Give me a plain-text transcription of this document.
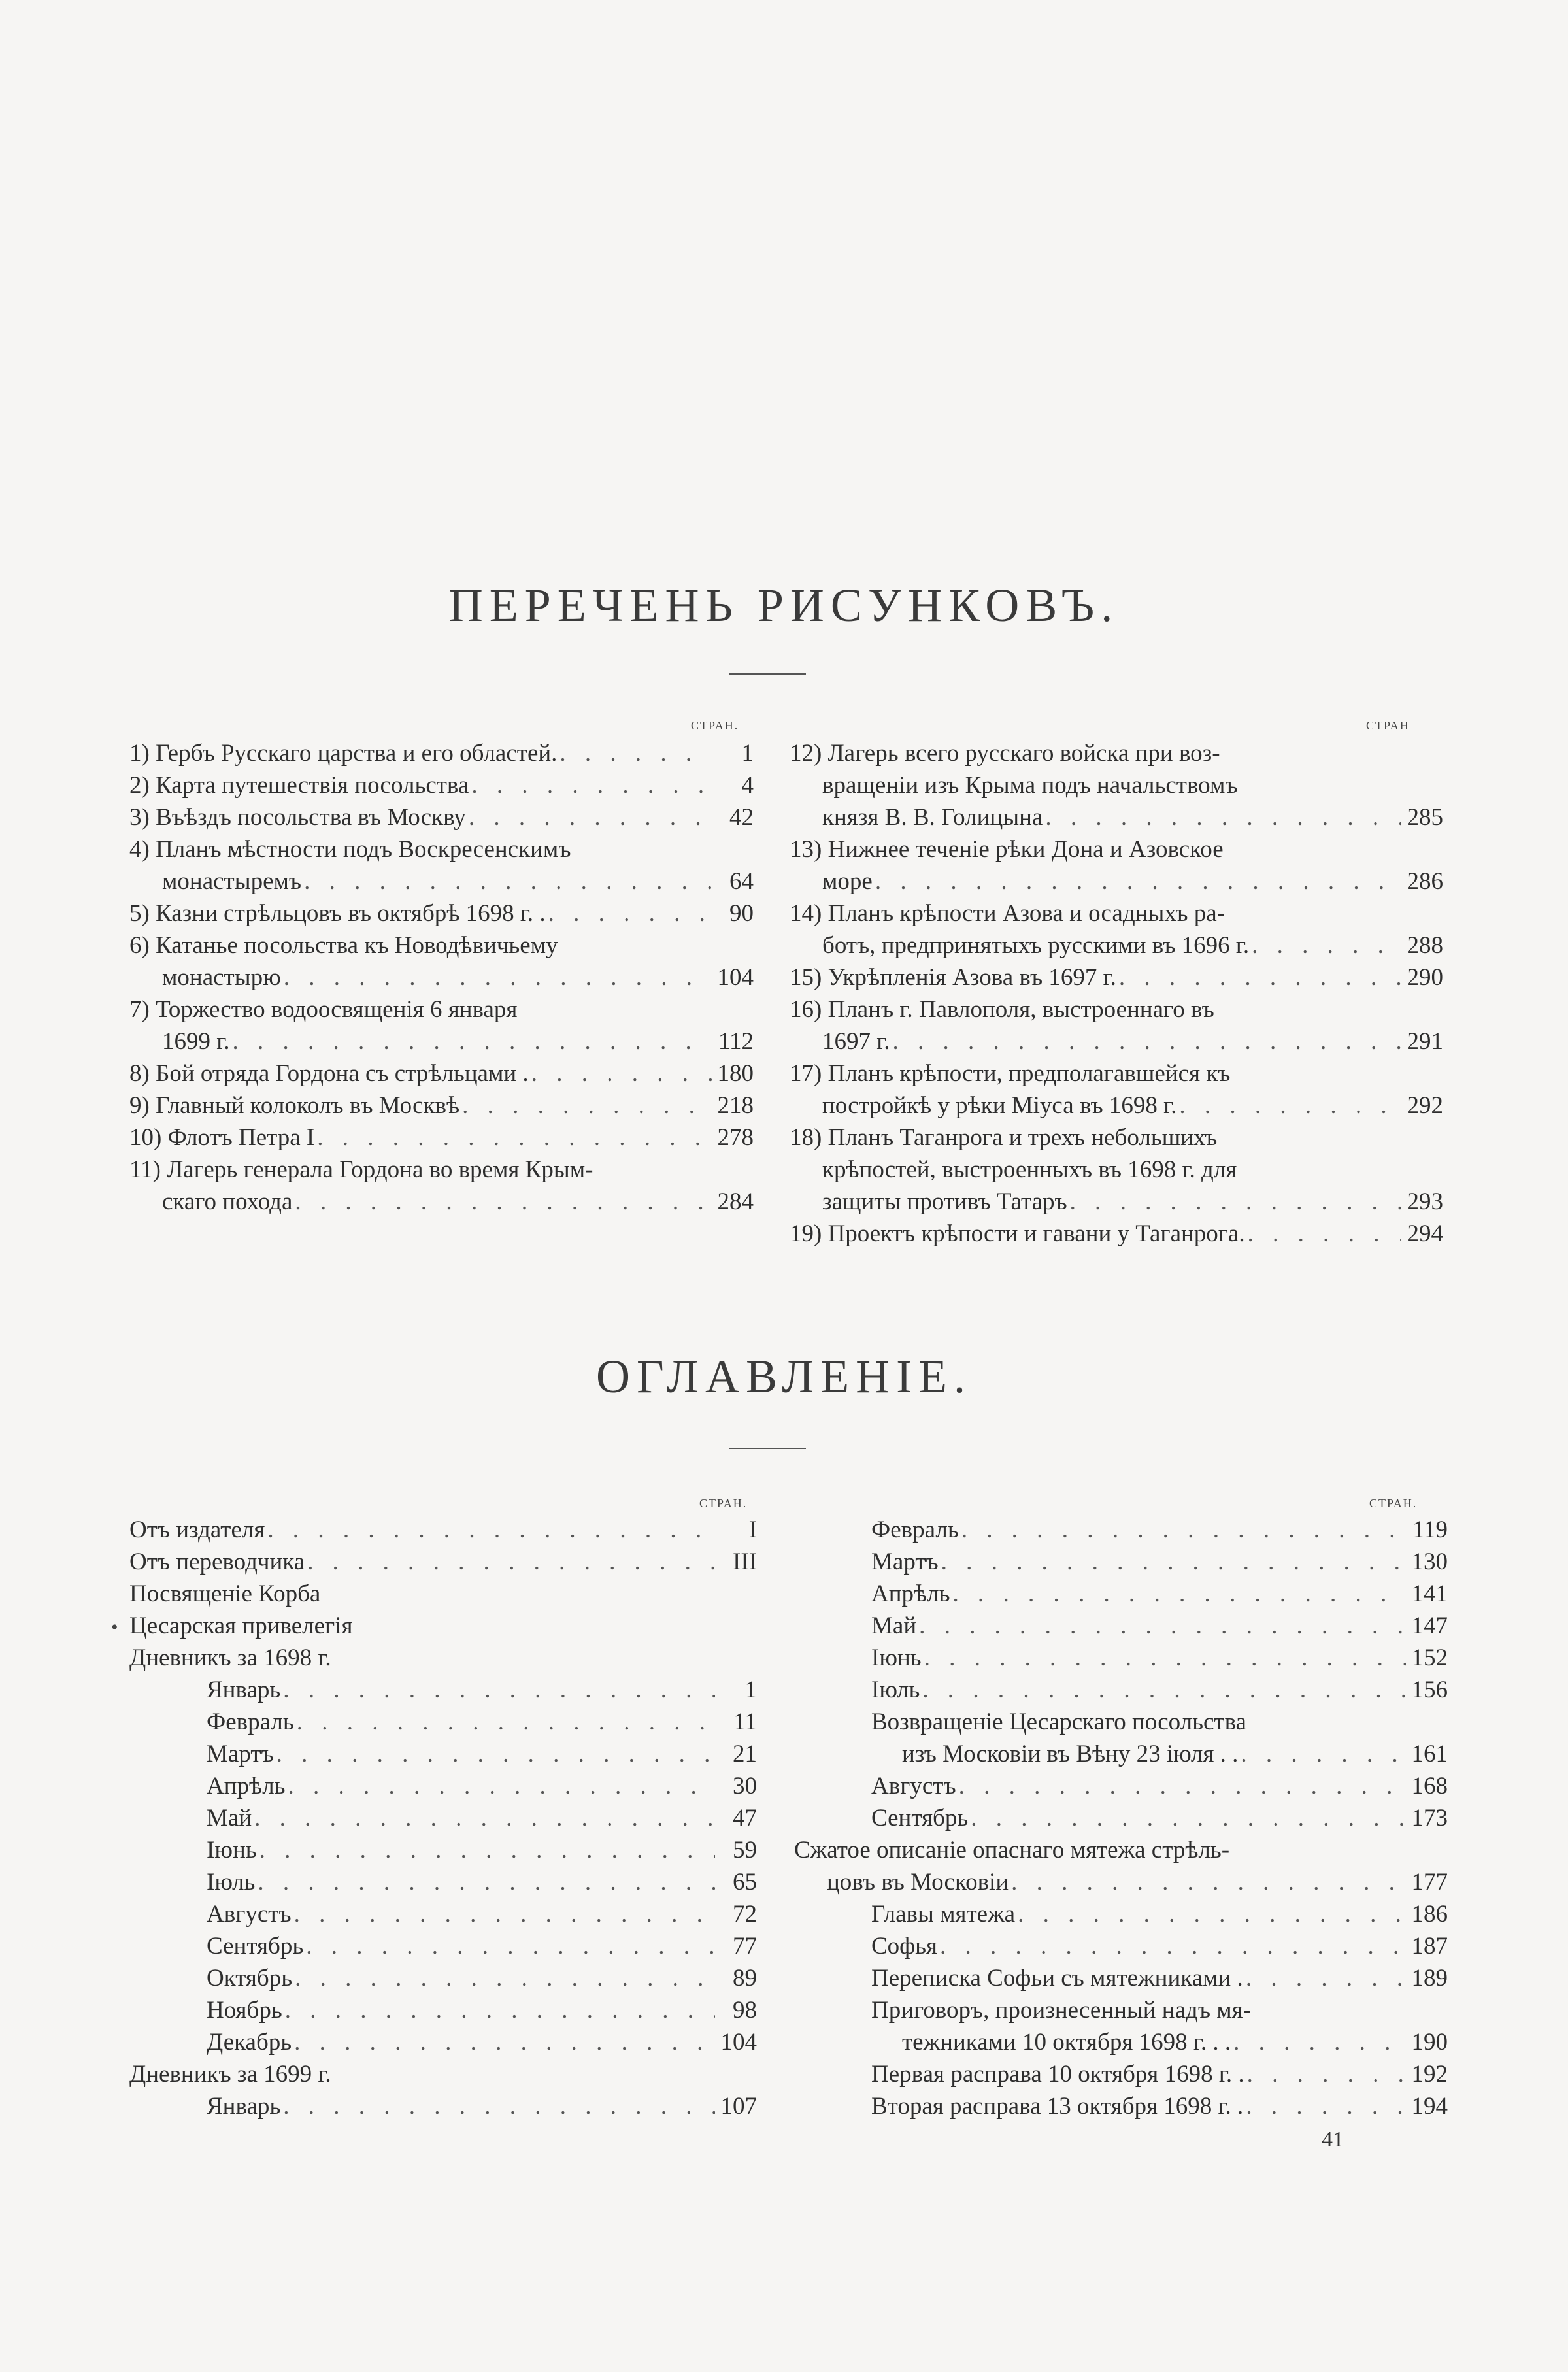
ПЕРЕЧЕНЬ РИСУНКОВЪ.
СТРАН.	СТРАН
1) Гербъ Русскаго царства и его областей. . . .	1
2) Карта путешествія посольства . . .	4
3) Въѣздъ посольства въ Москву . . .	42
4) Планъ мѣстности подъ Воскресенскимъ
монастыремъ . . .	64
5) Казни стрѣльцовъ въ октябрѣ 1698 г. . . . .	90
6) Катанье посольства къ Новодѣвичьему
монастырю . . .	104
7) Торжество водоосвященія 6 января
1699 г. . . .	112
8) Бой отряда Гордона съ стрѣльцами . . . .	180
9) Главный колоколъ въ Москвѣ . . .	218
10) Флотъ Петра I . . .	278
11) Лагерь генерала Гордона во время Крым-
скаго похода . . .	284
12) Лагерь всего русскаго войска при воз-
вращеніи изъ Крыма подъ начальствомъ
князя В. В. Голицына . . .	285
13) Нижнее теченіе рѣки Дона и Азовское
море . . .	286
14) Планъ крѣпости Азова и осадныхъ ра-
ботъ, предпринятыхъ русскими въ 1696 г. . . .	288
15) Укрѣпленія Азова въ 1697 г. . . .	290
16) Планъ г. Павлополя, выстроеннаго въ
1697 г. . . .	291
17) Планъ крѣпости, предполагавшейся къ
постройкѣ у рѣки Міуса въ 1698 г. . . .	292
18) Планъ Таганрога и трехъ небольшихъ
крѣпостей, выстроенныхъ въ 1698 г. для
защиты противъ Татаръ . . .	293
19) Проектъ крѣпости и гавани у Таганрога. . . .	294
ОГЛАВЛЕНІЕ.
СТРАН.	СТРАН.
•
Отъ издателя . . .	I
Отъ переводчика . . .	III
Посвященіе Корба
Цесарская привелегія
Дневникъ за 1698 г.
Январь . . .	1
Февраль . . .	11
Мартъ . . .	21
Апрѣль . . .	30
Май . . .	47
Іюнь . . .	59
Іюль . . .	65
Августъ . . .	72
Сентябрь . . .	77
Октябрь . . .	89
Ноябрь . . .	98
Декабрь . . .	104
Дневникъ за 1699 г.
Январь . . .	107
Февраль . . .	119
Мартъ . . .	130
Апрѣль . . .	141
Май . . .	147
Іюнь . . .	152
Іюль . . .	156
Возвращеніе Цесарскаго посольства
изъ Московіи въ Вѣну 23 іюля . . . . .	161
Августъ . . .	168
Сентябрь . . .	173
Сжатое описаніе опаснаго мятежа стрѣль-
цовъ въ Московіи . . .	177
Главы мятежа . . .	186
Софья . . .	187
Переписка Софьи съ мятежниками . . . .	189
Приговоръ, произнесенный надъ мя-
тежниками 10 октября 1698 г. . . . . .	190
Первая расправа 10 октября 1698 г. . . . .	192
Вторая расправа 13 октября 1698 г. . . . .	194
41
